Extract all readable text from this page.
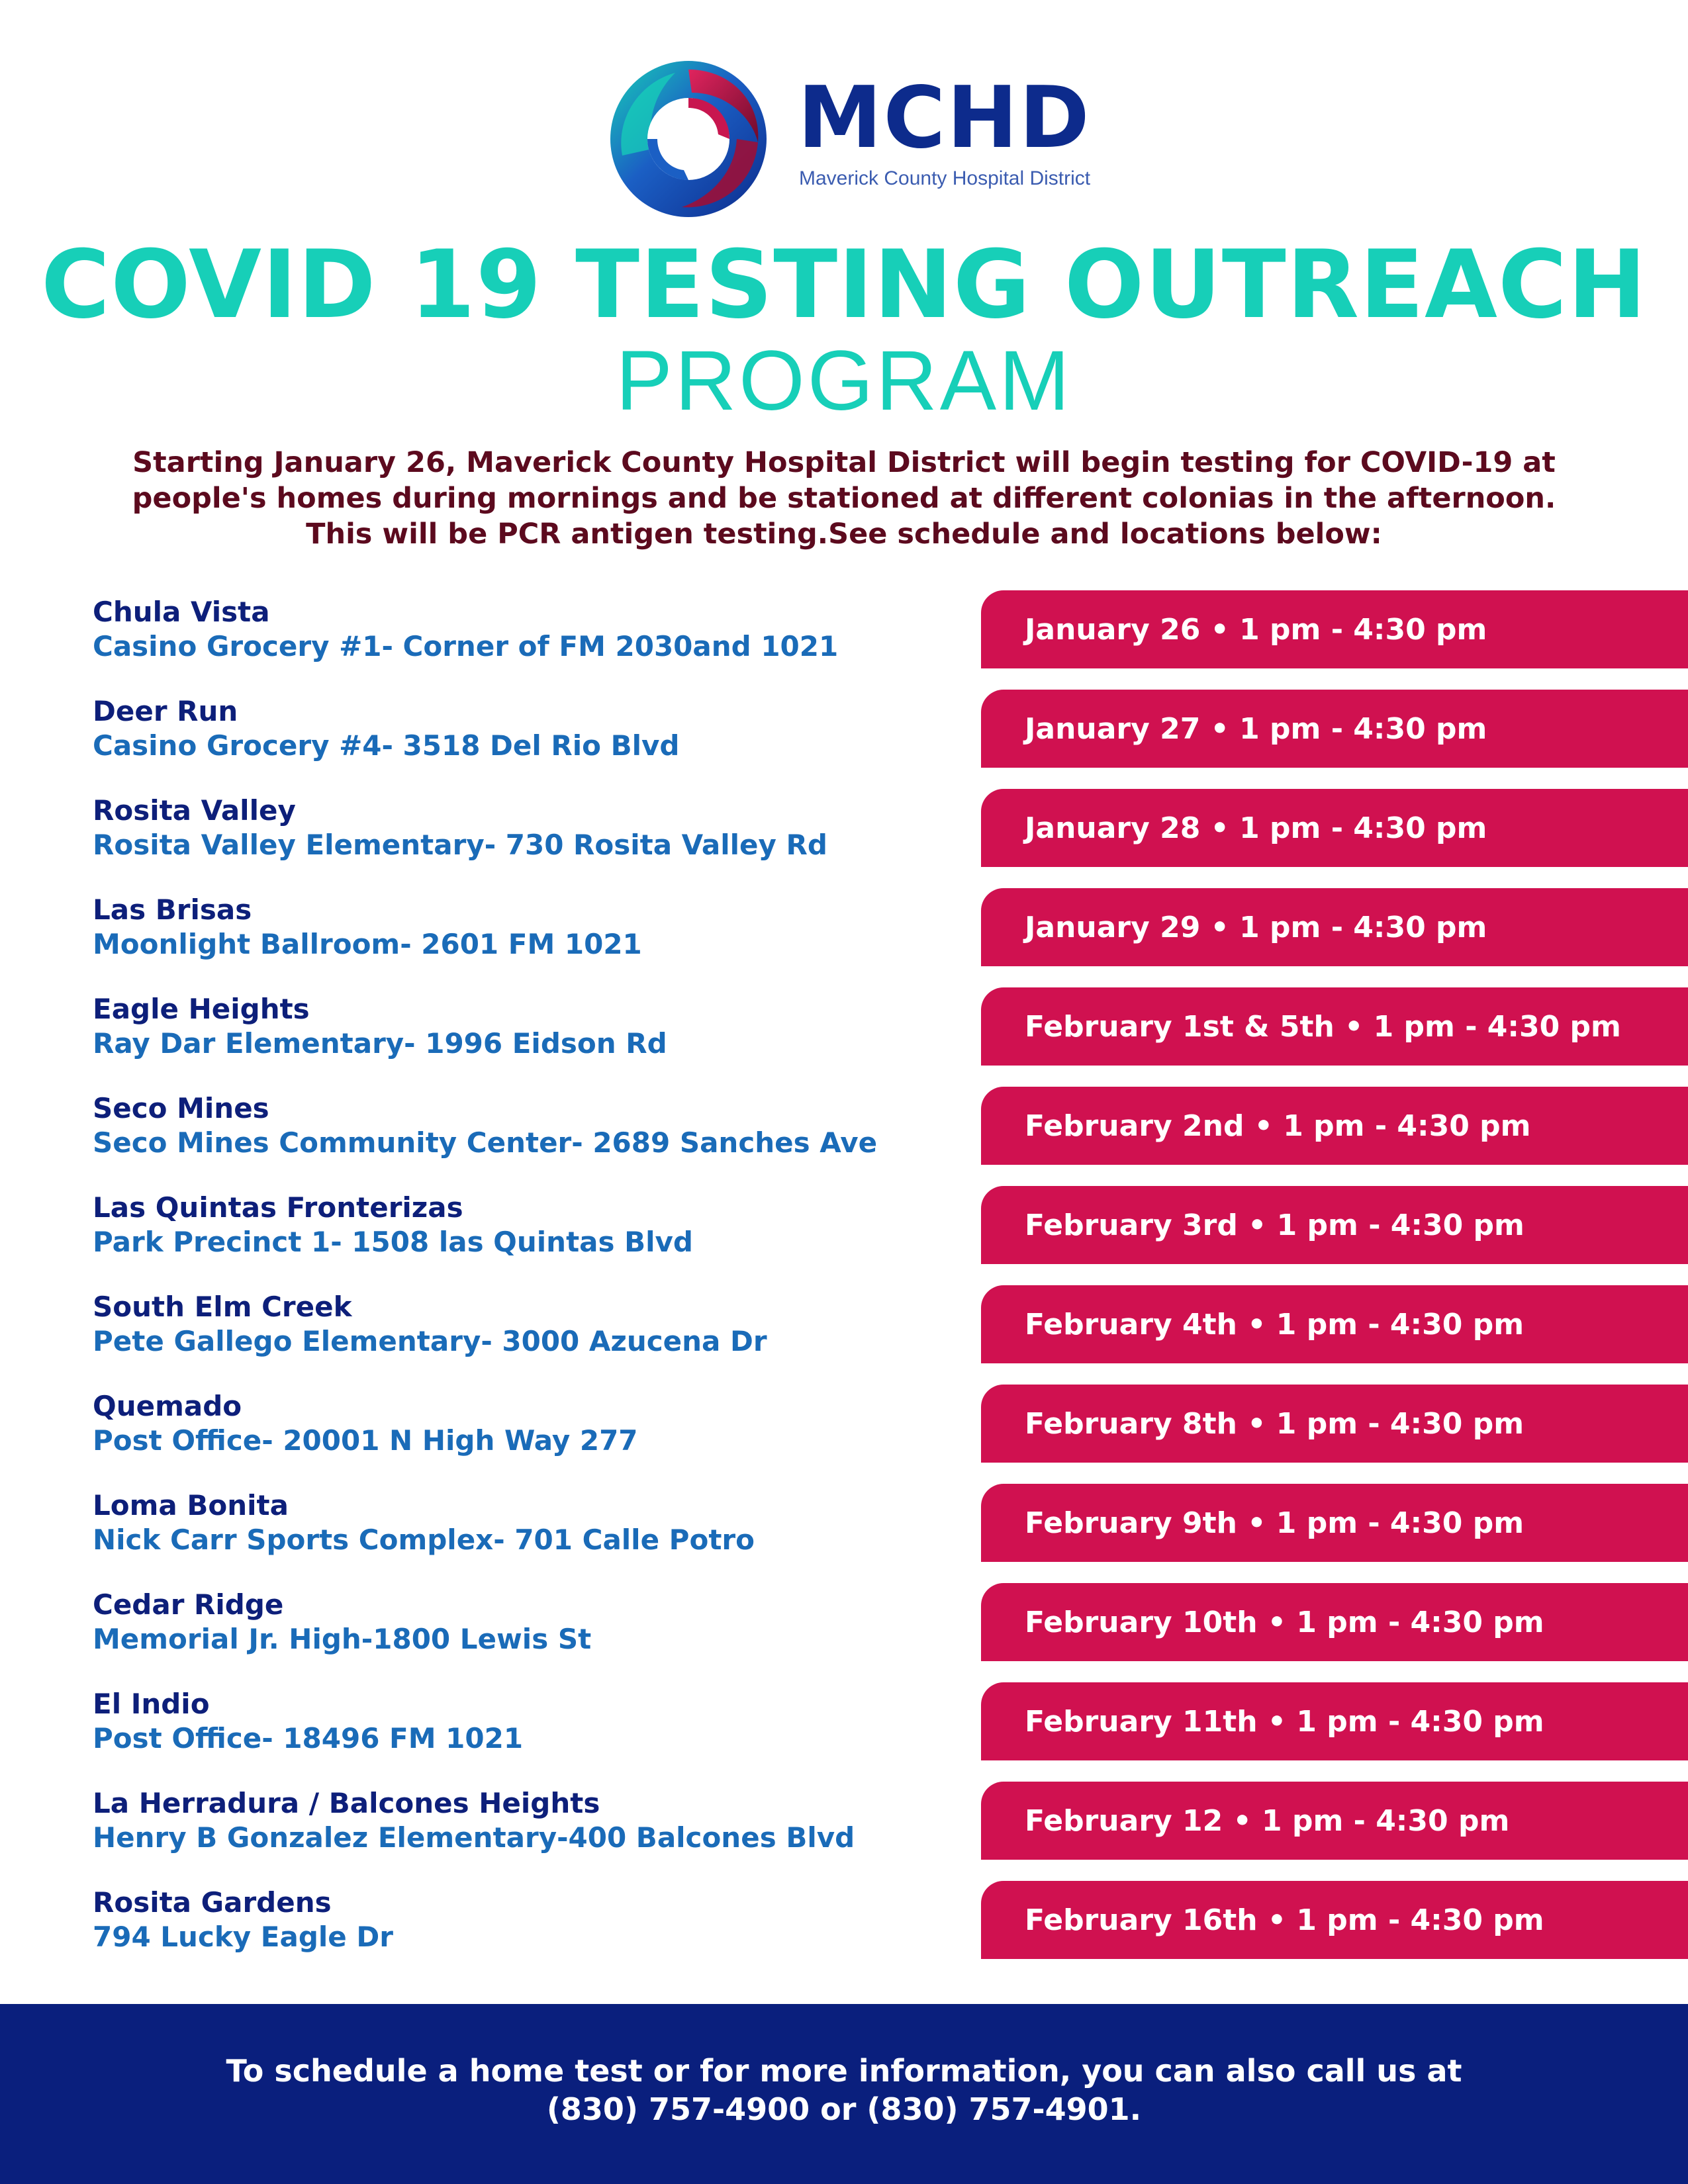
MCHD
Maverick County Hospital District
COVID 19 TESTING OUTREACH
PROGRAM
Starting January 26, Maverick County Hospital District will begin testing for COVID-19 at
people's homes during mornings and be stationed at different colonias in the afternoon.
This will be PCR antigen testing.See schedule and locations below:
Chula Vista
Casino Grocery #1- Corner of FM 2030and 1021	January 26 • 1 pm - 4:30 pm
Deer Run
Casino Grocery #4- 3518 Del Rio Blvd	January 27 • 1 pm - 4:30 pm
Rosita Valley
Rosita Valley Elementary- 730 Rosita Valley Rd	January 28 • 1 pm - 4:30 pm
Las Brisas
Moonlight Ballroom- 2601 FM 1021	January 29 • 1 pm - 4:30 pm
Eagle Heights
Ray Dar Elementary- 1996 Eidson Rd	February 1st & 5th • 1 pm - 4:30 pm
Seco Mines
Seco Mines Community Center- 2689 Sanches Ave	February 2nd • 1 pm - 4:30 pm
Las Quintas Fronterizas
Park Precinct 1- 1508 las Quintas Blvd	February 3rd • 1 pm - 4:30 pm
South Elm Creek
Pete Gallego Elementary- 3000 Azucena Dr	February 4th • 1 pm - 4:30 pm
Quemado
Post Office- 20001 N High Way 277	February 8th • 1 pm - 4:30 pm
Loma Bonita
Nick Carr Sports Complex- 701 Calle Potro	February 9th • 1 pm - 4:30 pm
Cedar Ridge
Memorial Jr. High-1800 Lewis St	February 10th • 1 pm - 4:30 pm
El Indio
Post Office- 18496 FM 1021	February 11th • 1 pm - 4:30 pm
La Herradura / Balcones Heights
Henry B Gonzalez Elementary-400 Balcones Blvd	February 12 • 1 pm - 4:30 pm
Rosita Gardens
794 Lucky Eagle Dr	February 16th • 1 pm - 4:30 pm
To schedule a home test or for more information, you can also call us at
(830) 757-4900 or (830) 757-4901.
